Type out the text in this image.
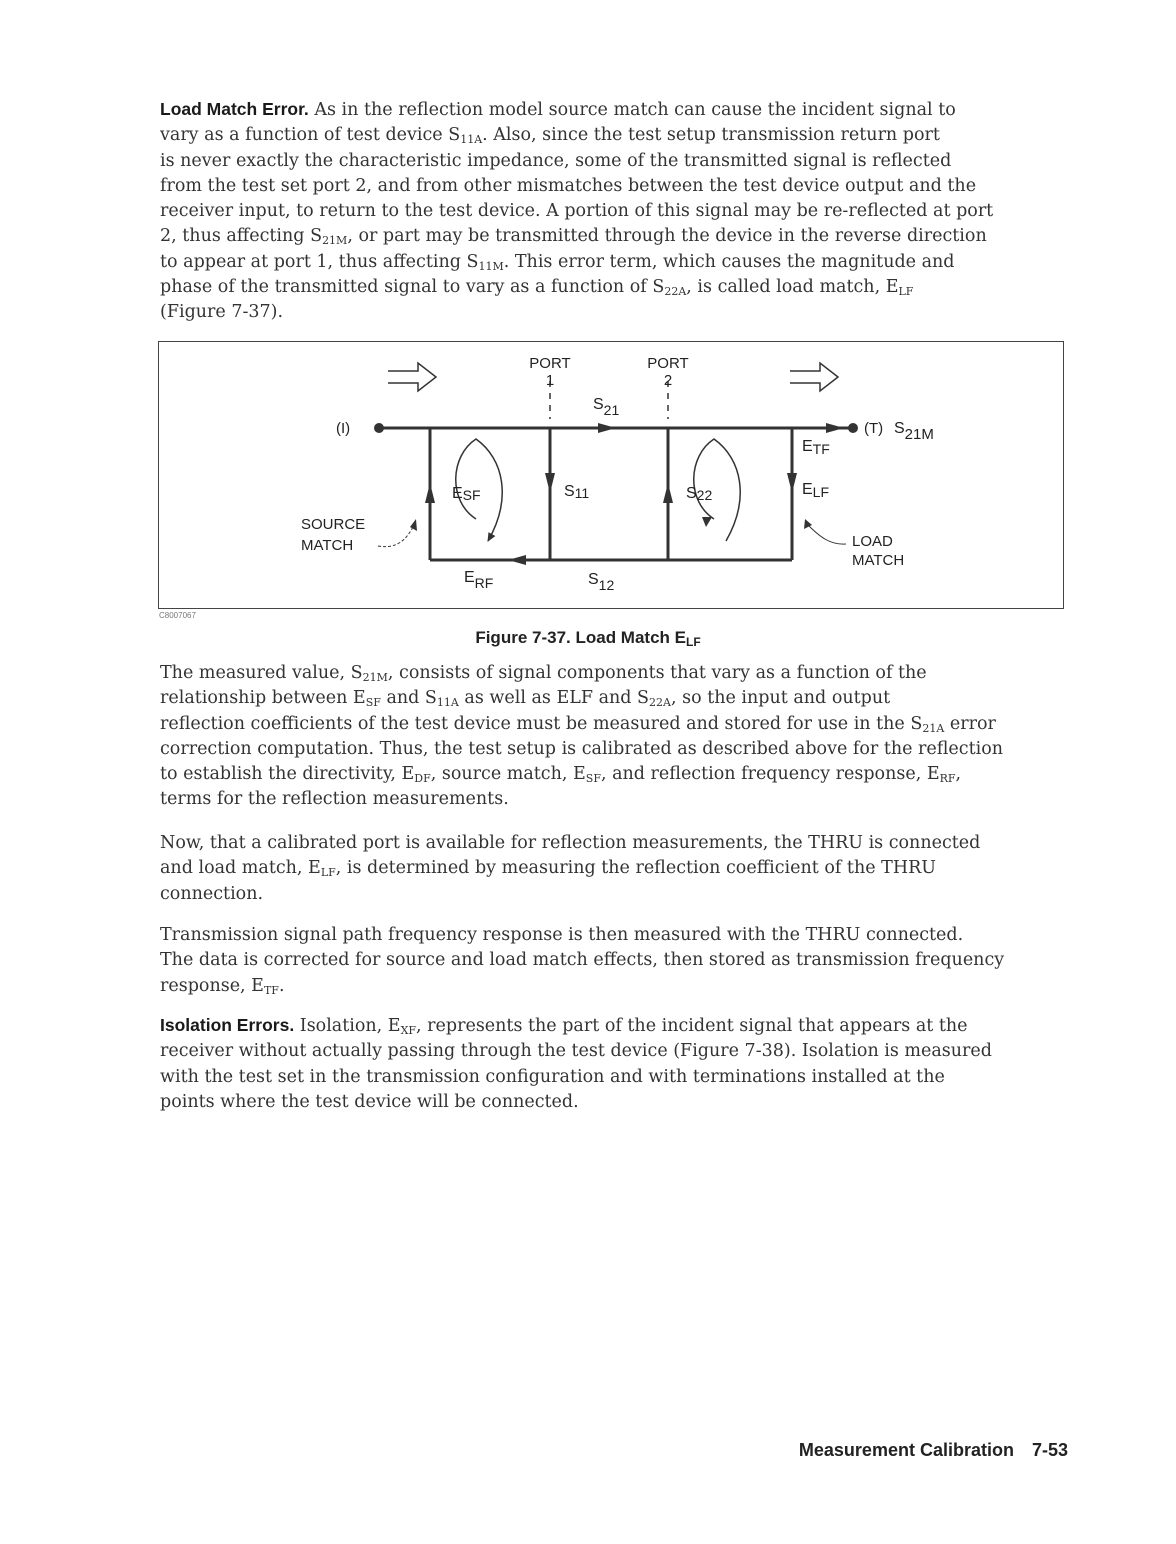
Load Match Error. As in the reflection model source match can cause the incident signal to
vary as a function of test device $S_{11A}$. Also, since the test setup transmission return port
is never exactly the characteristic impedance, some of the transmitted signal is reflected
from the test set port 2, and from other mismatches between the test device output and the
receiver input, to return to the test device. A portion of this signal may be re-reflected at port
2, thus affecting $S_{21M}$, or part may be transmitted through the device in the reverse direction
to appear at port 1, thus affecting $S_{11M}$. This error term, which causes the magnitude and
phase of the transmitted signal to vary as a function of $S_{22A}$, is called load match, $E_{LF}$
(Figure 7-37).
PORT
1
PORT
2
(I)	(T) S21M
S21
ESF	S11	S22
ETF
ELF
ERF	S12
SOURCE
MATCH	LOAD
MATCH
C8007067
Figure 7-37. Load Match $E_{LF}$
The measured value, $S_{21M}$, consists of signal components that vary as a function of the
relationship between $E_{SF}$ and $S_{11A}$ as well as ELF and $S_{22A}$, so the input and output
reflection coefficients of the test device must be measured and stored for use in the $S_{21A}$ error
correction computation. Thus, the test setup is calibrated as described above for the reflection
to establish the directivity, $E_{DF}$, source match, $E_{SF}$, and reflection frequency response, $E_{RF}$,
terms for the reflection measurements.
Now, that a calibrated port is available for reflection measurements, the THRU is connected
and load match, $E_{LF}$, is determined by measuring the reflection coefficient of the THRU
connection.
Transmission signal path frequency response is then measured with the THRU connected.
The data is corrected for source and load match effects, then stored as transmission frequency
response, $E_{TF}$.
Isolation Errors. Isolation, $E_{XF}$, represents the part of the incident signal that appears at the
receiver without actually passing through the test device (Figure 7-38). Isolation is measured
with the test set in the transmission configuration and with terminations installed at the
points where the test device will be connected.
Measurement Calibration 7-53
